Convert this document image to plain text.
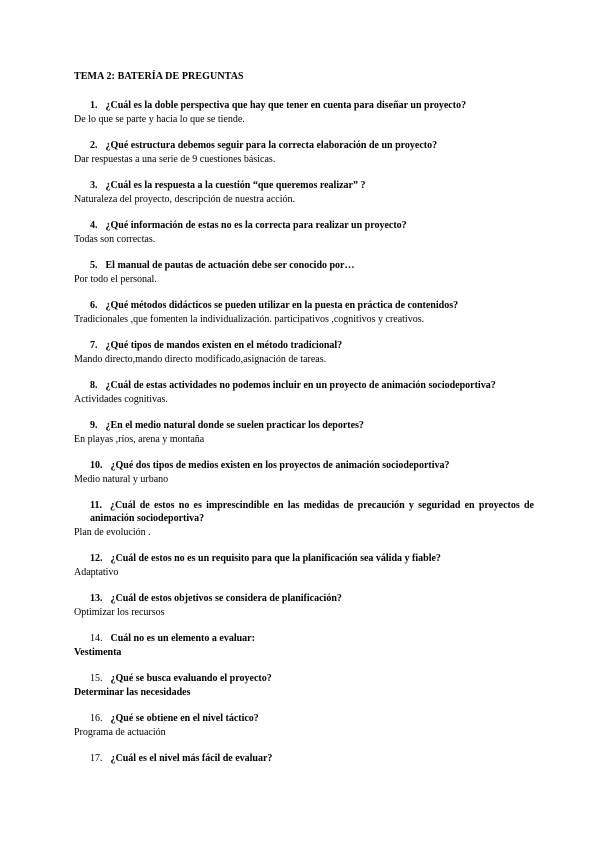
TEMA 2: BATERÍA DE PREGUNTAS
1. ¿Cuál es la doble perspectiva que hay que tener en cuenta para diseñar un proyecto?
De lo que se parte y hacia lo que se tiende.
2. ¿Qué estructura debemos seguir para la correcta elaboración de un proyecto?
Dar respuestas a una serie de 9 cuestiones básicas.
3. ¿Cuál es la respuesta a la cuestión “que queremos realizar” ?
Naturaleza del proyecto, descripción de nuestra acción.
4. ¿Qué información de estas no es la correcta para realizar un proyecto?
Todas son correctas.
5. El manual de pautas de actuación debe ser conocido por…
Por todo el personal.
6. ¿Qué métodos didácticos se pueden utilizar en la puesta en práctica de contenidos?
Tradicionales ,que fomenten la individualización. participativos ,cognitivos y creativos.
7. ¿Qué tipos de mandos existen en el método tradicional?
Mando directo,mando directo modificado,asignación de tareas.
8. ¿Cuál de estas actividades no podemos incluir en un proyecto de animación sociodeportiva?
Actividades cognitivas.
9. ¿En el medio natural donde se suelen practicar los deportes?
En playas ,ríos, arena y montaña
10. ¿Qué dos tipos de medios existen en los proyectos de animación sociodeportiva?
Medio natural y urbano
11. ¿Cuál de estos no es imprescindible en las medidas de precaución y seguridad en proyectos de animación sociodeportiva?
Plan de evolución .
12. ¿Cuál de estos no es un requisito para que la planificación sea válida y fiable?
Adaptativo
13. ¿Cuál de estos objetivos se considera de planificación?
Optimizar los recursos
14. Cuál no es un elemento a evaluar:
Vestimenta
15. ¿Qué se busca evaluando el proyecto?
Determinar las necesidades
16. ¿Qué se obtiene en el nivel táctico?
Programa de actuación
17. ¿Cuál es el nivel más fácil de evaluar?
